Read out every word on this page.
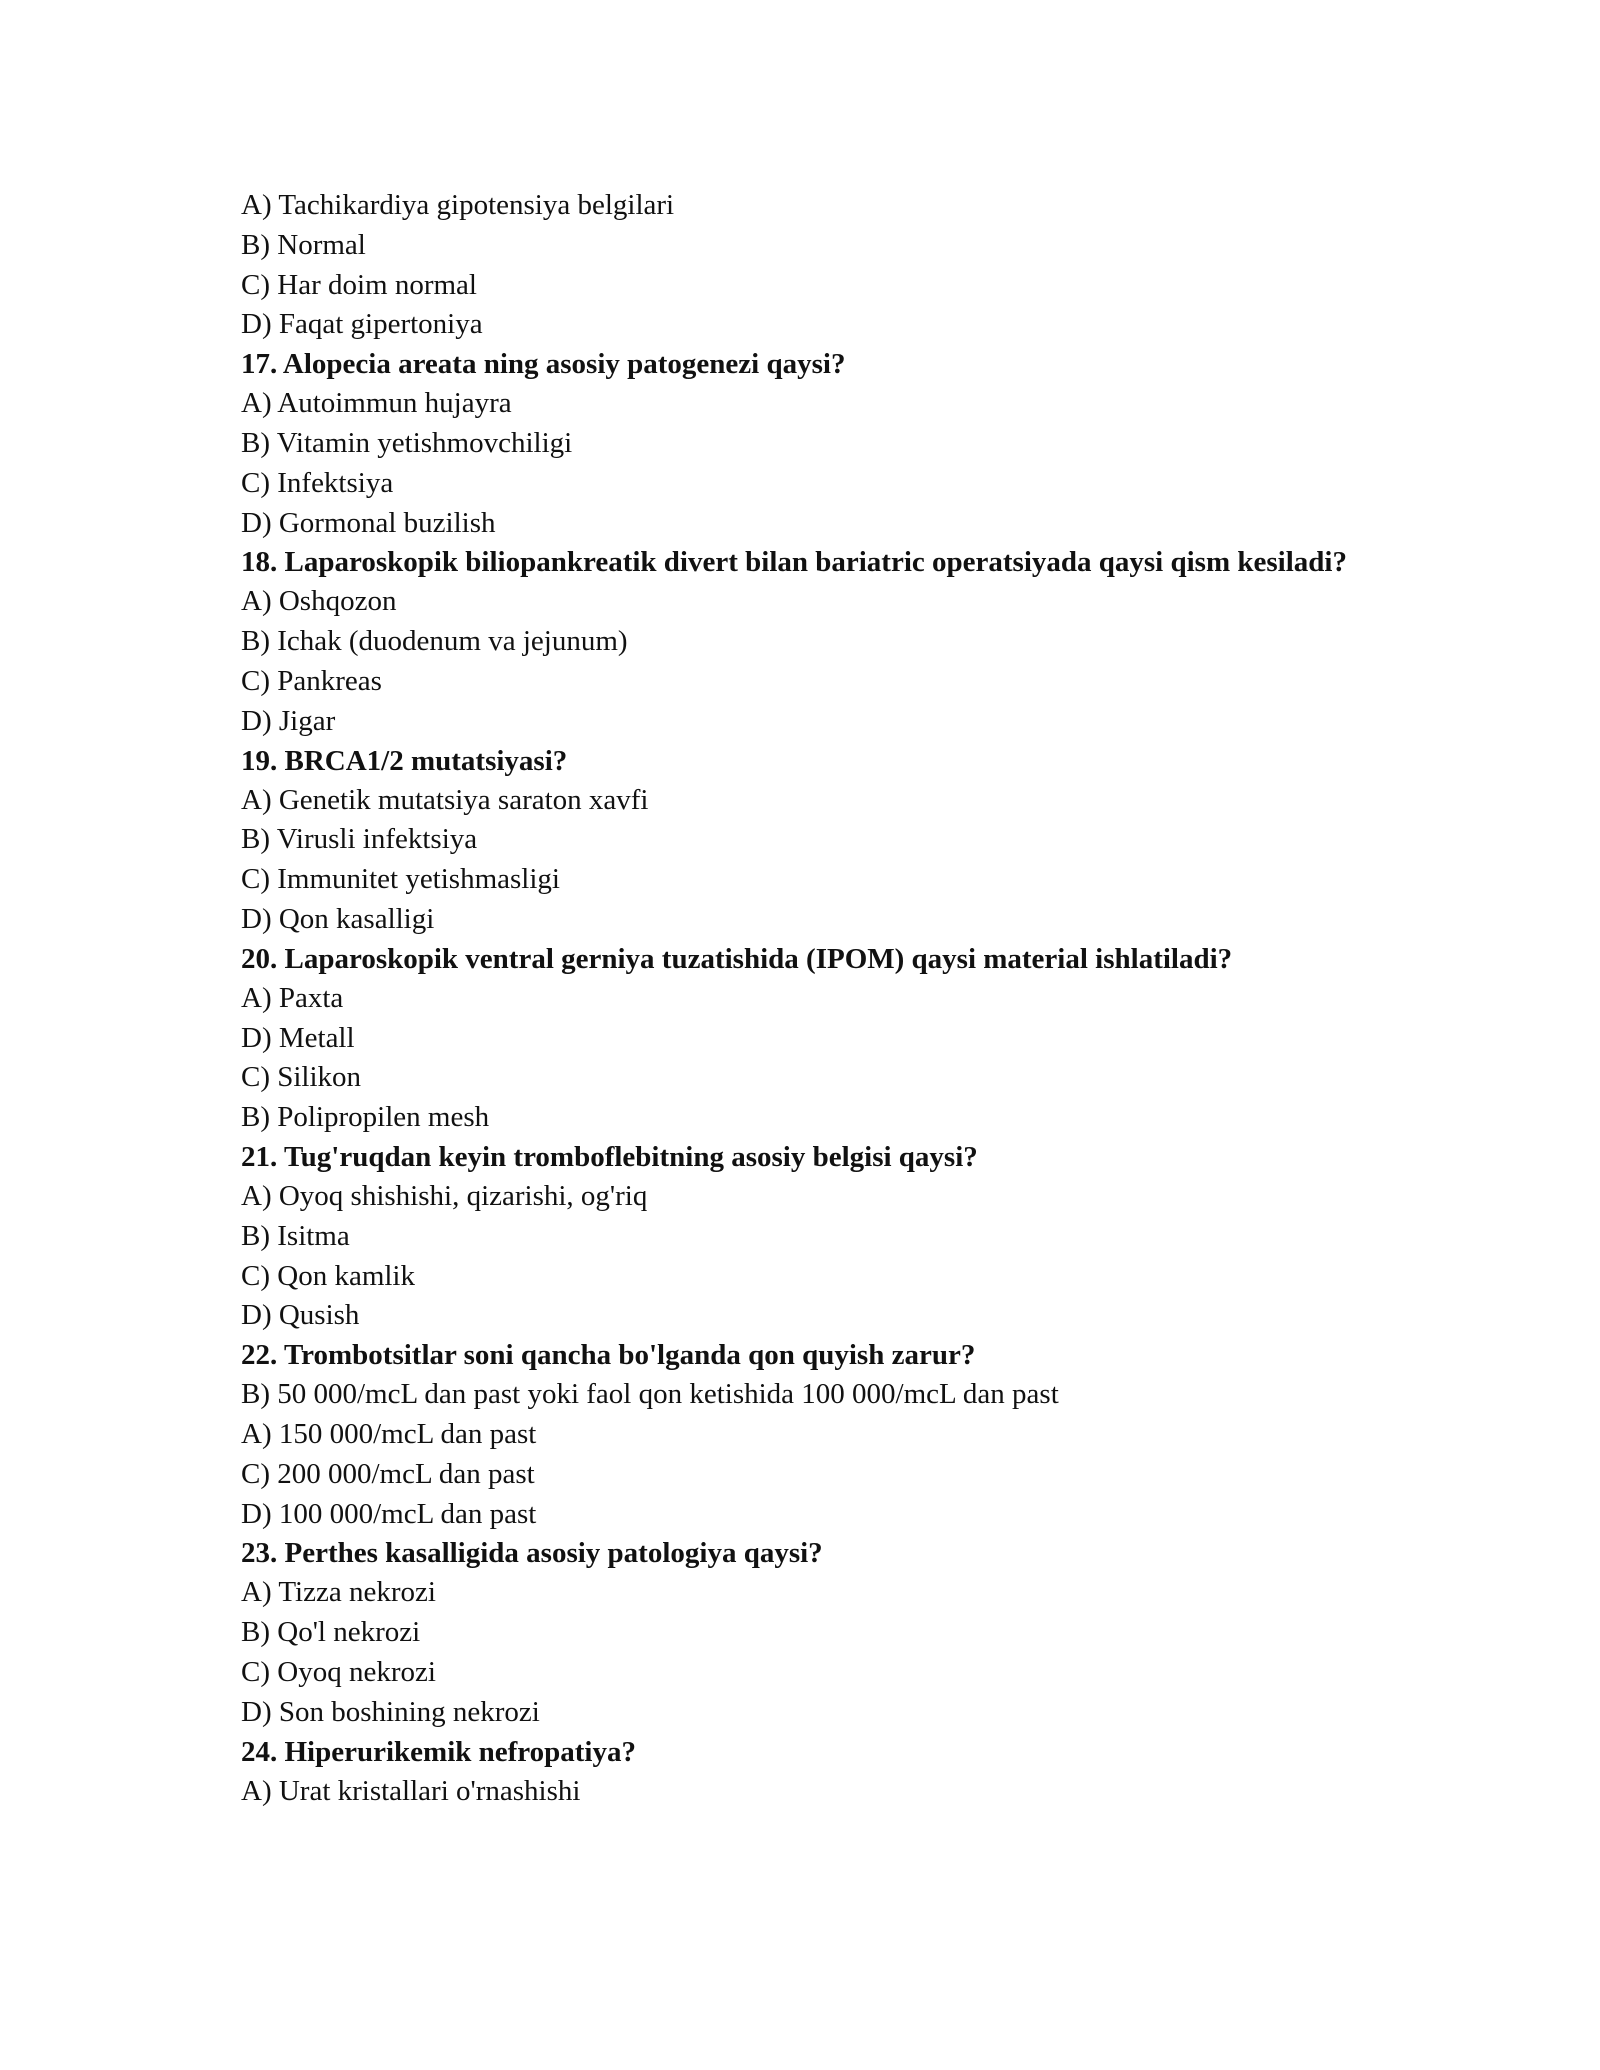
A) Tachikardiya gipotensiya belgilari
B) Normal
C) Har doim normal
D) Faqat gipertoniya
17. Alopecia areata ning asosiy patogenezi qaysi?
A) Autoimmun hujayra
B) Vitamin yetishmovchiligi
C) Infektsiya
D) Gormonal buzilish
18. Laparoskopik biliopankreatik divert bilan bariatric operatsiyada qaysi qism kesiladi?
A) Oshqozon
B) Ichak (duodenum va jejunum)
C) Pankreas
D) Jigar
19. BRCA1/2 mutatsiyasi?
A) Genetik mutatsiya saraton xavfi
B) Virusli infektsiya
C) Immunitet yetishmasligi
D) Qon kasalligi
20. Laparoskopik ventral gerniya tuzatishida (IPOM) qaysi material ishlatiladi?
A) Paxta
D) Metall
C) Silikon
B) Polipropilen mesh
21. Tug'ruqdan keyin tromboflebitning asosiy belgisi qaysi?
A) Oyoq shishishi, qizarishi, og'riq
B) Isitma
C) Qon kamlik
D) Qusish
22. Trombotsitlar soni qancha bo'lganda qon quyish zarur?
B) 50 000/mcL dan past yoki faol qon ketishida 100 000/mcL dan past
A) 150 000/mcL dan past
C) 200 000/mcL dan past
D) 100 000/mcL dan past
23. Perthes kasalligida asosiy patologiya qaysi?
A) Tizza nekrozi
B) Qo'l nekrozi
C) Oyoq nekrozi
D) Son boshining nekrozi
24. Hiperurikemik nefropatiya?
A) Urat kristallari o'rnashishi
